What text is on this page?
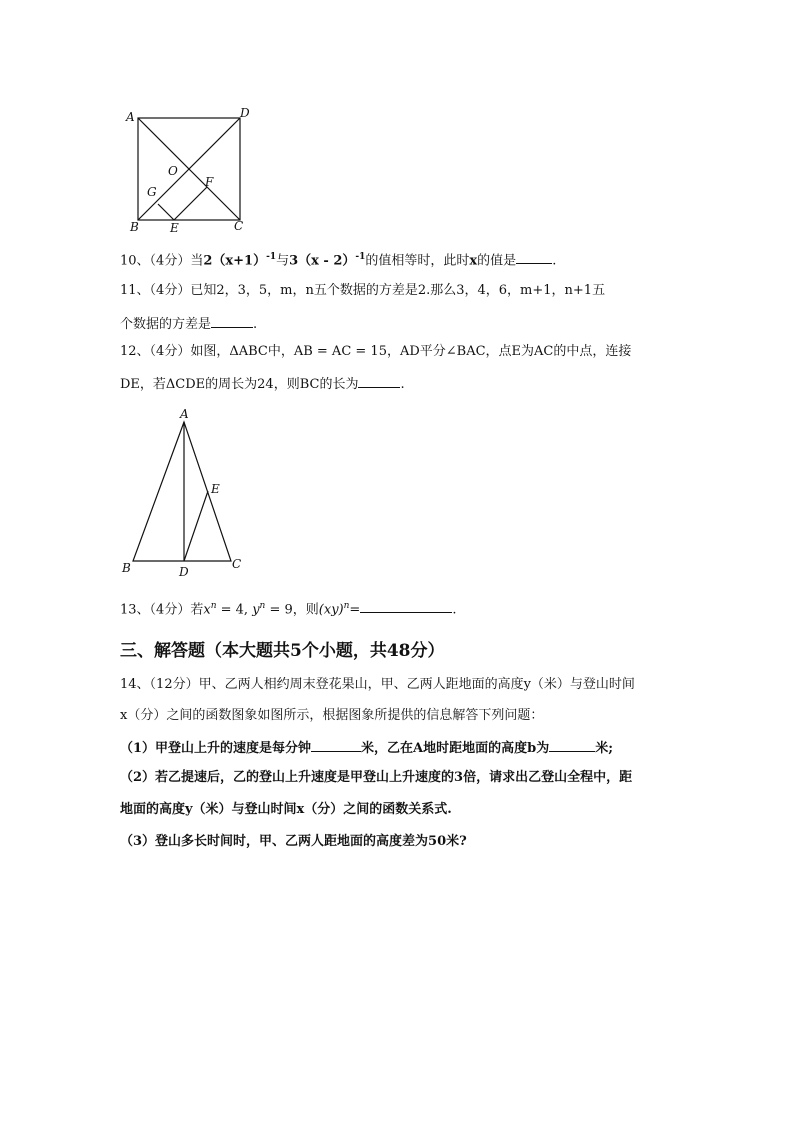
A	D
O
F
G
B	E	C
10、（4分）当$2(x+1)^{-1}$与3（x - 2）$^{-1}$的值相等时，此时x的值是	.
11、（4分）已知2，3，5，m，n五个数据的方差是2.那么3，4，6，m+1，n+1五
个数据的方差是	.
12、（4分）如图，ΔABC中，AB = AC = 15，AD平分∠BAC，点E为AC的中点，连接
DE，若ΔCDE的周长为24，则BC的长为	.
A
E
B	D
C
13、（4分）若$x^n = 4$, $y^n = 9$，则(xy)$^n$=	.
三、解答题（本大题共5个小题，共48分）
14、（12分）甲、乙两人相约周末登花果山，甲、乙两人距地面的高度y（米）与登山时间
x（分）之间的函数图象如图所示，根据图象所提供的信息解答下列问题：
（1）甲登山上升的速度是每分钟	米，乙在A地时距地面的高度b为	米;
（2）若乙提速后，乙的登山上升速度是甲登山上升速度的3倍，请求出乙登山全程中，距
地面的高度y（米）与登山时间x（分）之间的函数关系式.
（3）登山多长时间时，甲、乙两人距地面的高度差为50米?
